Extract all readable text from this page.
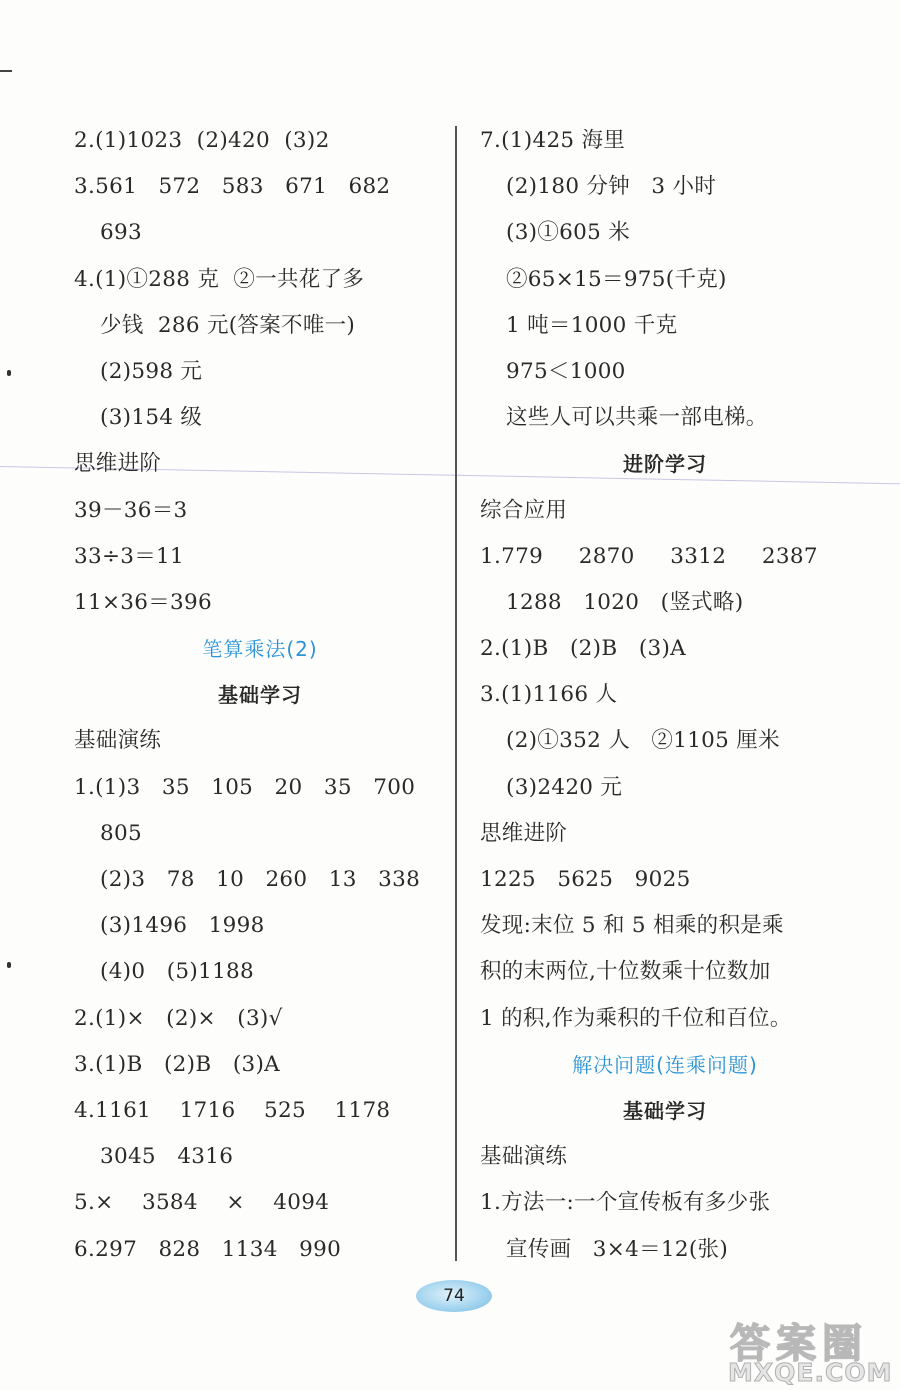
2.(1)1023  (2)420  (3)2
3.561   572   583   671   682
693
4.(1)①288 克  ②一共花了多
少钱  286 元(答案不唯一)
(2)598 元
(3)154 级
思维进阶
39－36＝3
33÷3＝11
11×36＝396
笔算乘法(2)
基础学习
基础演练
1.(1)3   35   105   20   35   700
805
(2)3   78   10   260   13   338
(3)1496   1998
(4)0   (5)1188
2.(1)×   (2)×   (3)√
3.(1)B   (2)B   (3)A
4.1161    1716    525    1178
3045   4316
5.×    3584    ×    4094
6.297   828   1134   990
7.(1)425 海里
(2)180 分钟   3 小时
(3)①605 米
②65×15＝975(千克)
1 吨＝1000 千克
975＜1000
这些人可以共乘一部电梯。
进阶学习
综合应用
1.779     2870     3312     2387
1288   1020   (竖式略)
2.(1)B   (2)B   (3)A
3.(1)1166 人
(2)①352 人   ②1105 厘米
(3)2420 元
思维进阶
1225   5625   9025
发现:末位 5 和 5 相乘的积是乘
积的末两位,十位数乘十位数加
1 的积,作为乘积的千位和百位。
解决问题(连乘问题)
基础学习
基础演练
1.方法一:一个宣传板有多少张
宣传画   3×4＝12(张)
74
答案圈
MXQE.COM
